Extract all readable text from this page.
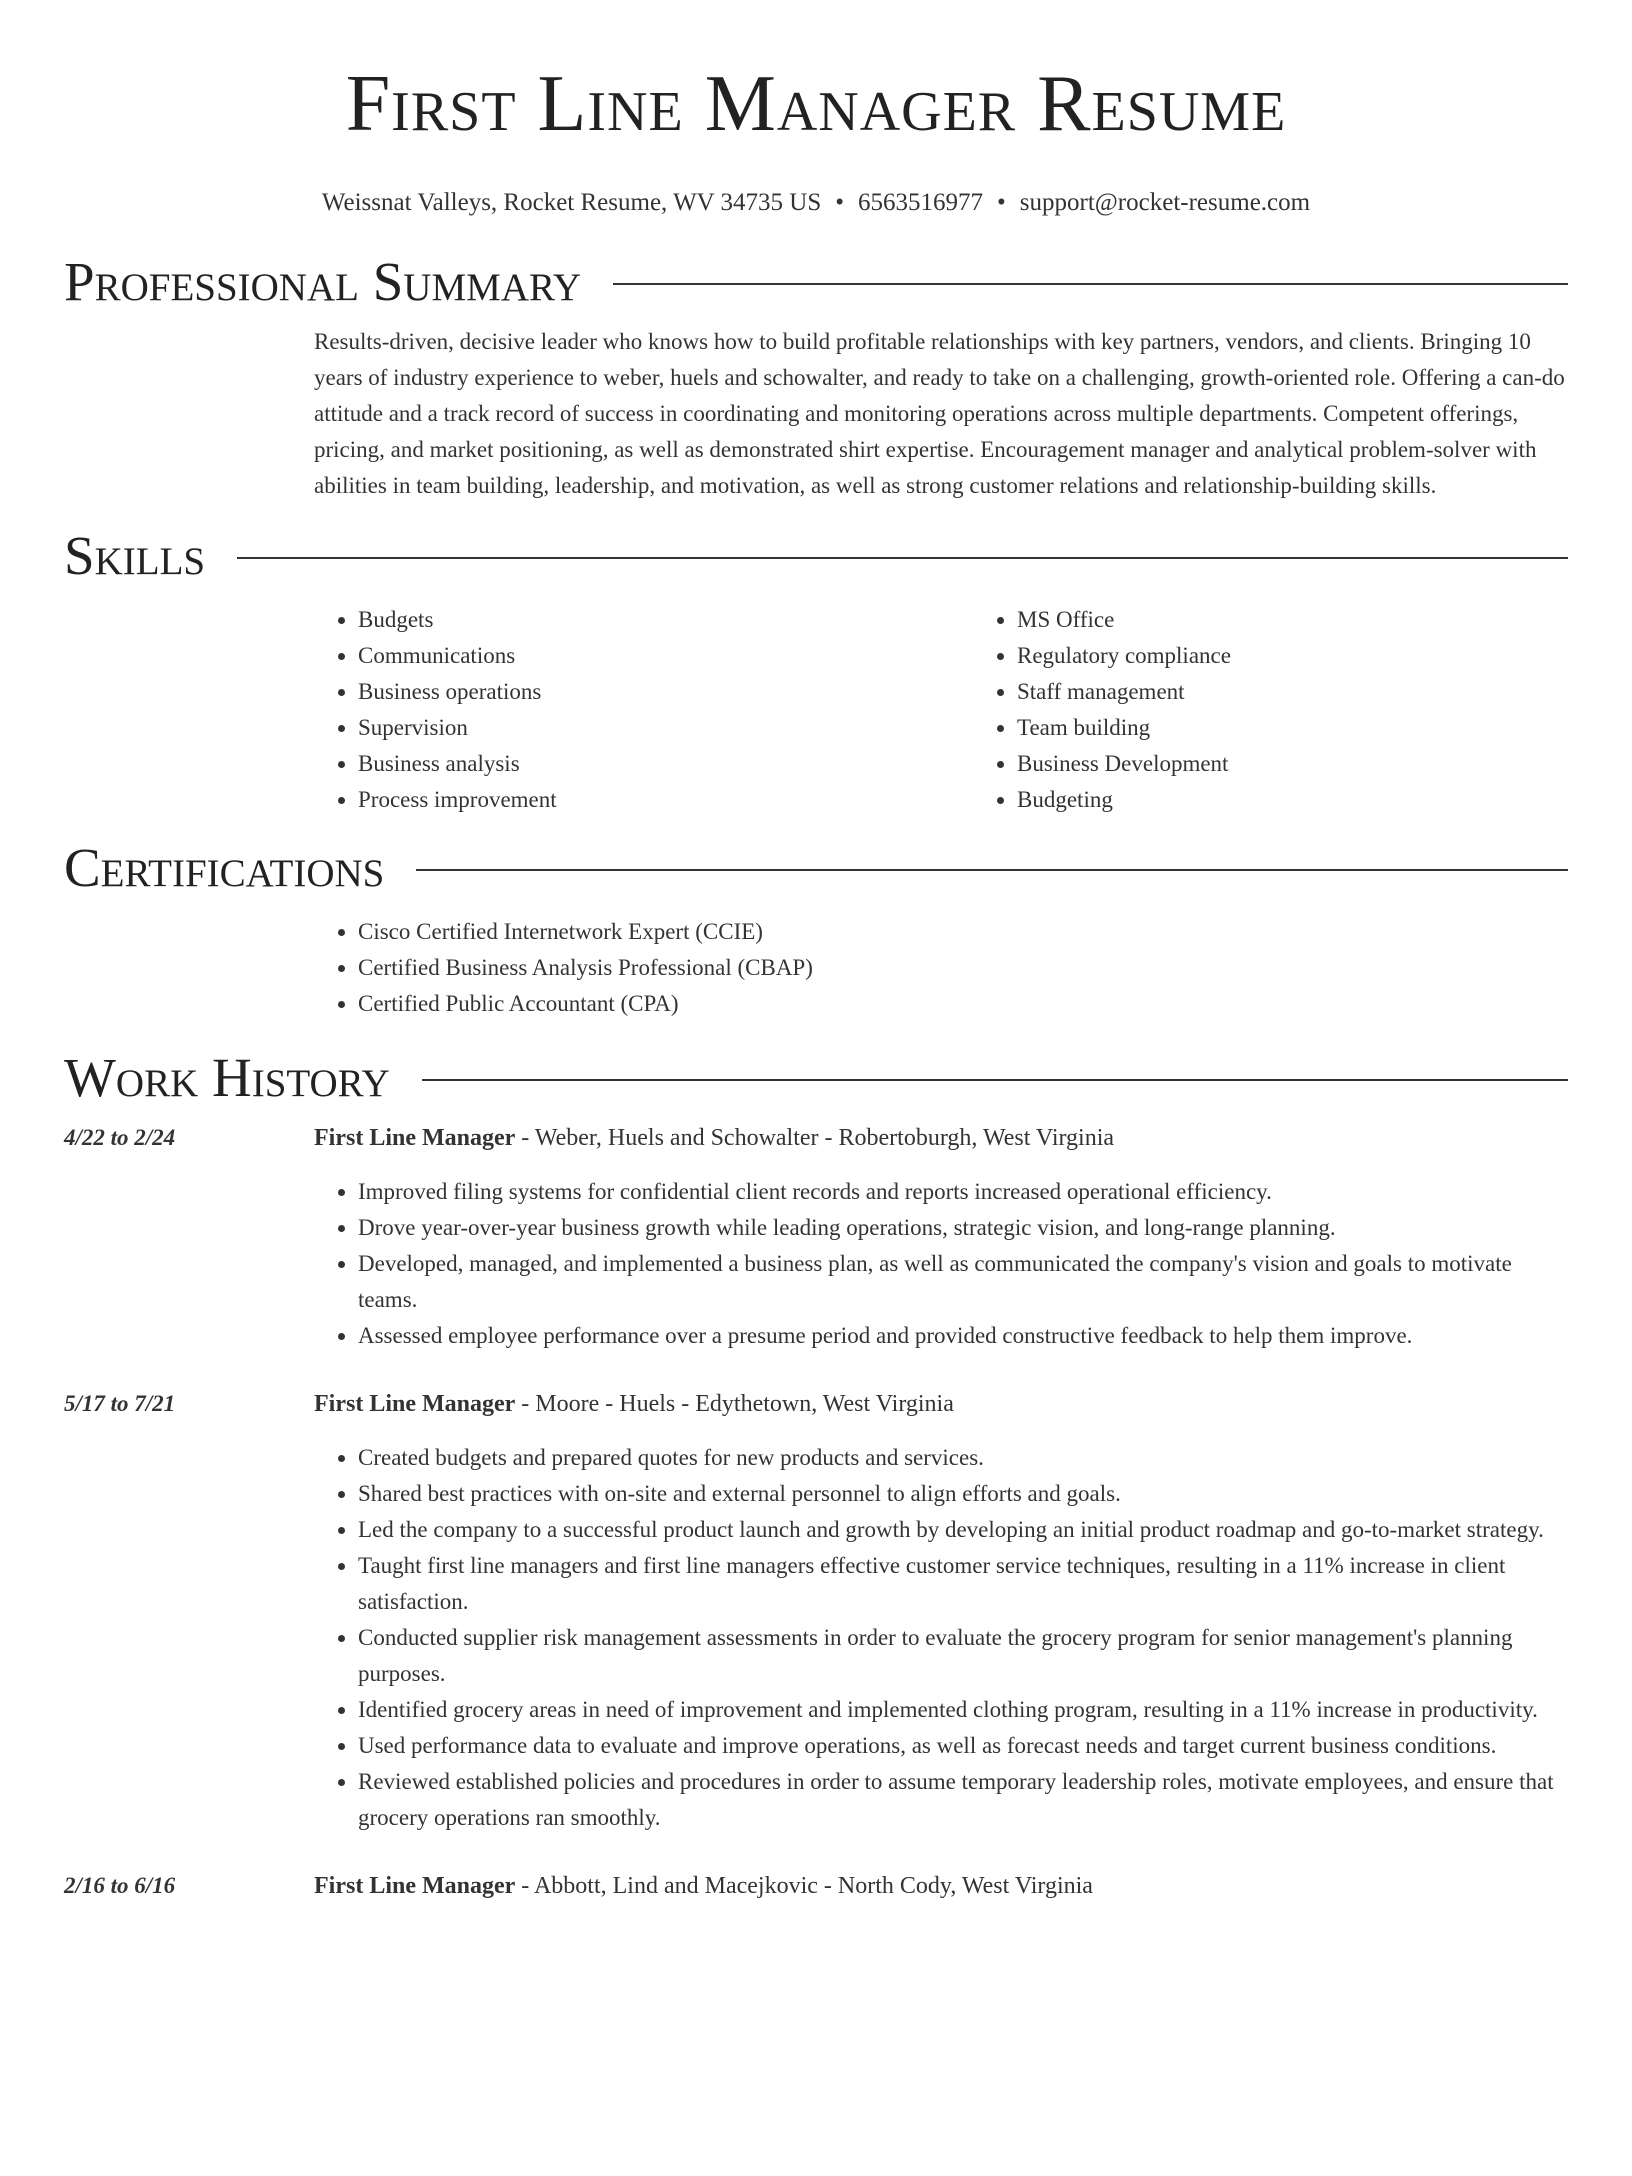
First Line Manager Resume
Weissnat Valleys, Rocket Resume, WV 34735 US • 6563516977 • support@rocket-resume.com
Professional Summary
Results-driven, decisive leader who knows how to build profitable relationships with key partners, vendors, and clients. Bringing 10 years of industry experience to weber, huels and schowalter, and ready to take on a challenging, growth-oriented role. Offering a can-do attitude and a track record of success in coordinating and monitoring operations across multiple departments. Competent offerings, pricing, and market positioning, as well as demonstrated shirt expertise. Encouragement manager and analytical problem-solver with abilities in team building, leadership, and motivation, as well as strong customer relations and relationship-building skills.
Skills
• Budgets
• Communications
• Business operations
• Supervision
• Business analysis
• Process improvement
• MS Office
• Regulatory compliance
• Staff management
• Team building
• Business Development
• Budgeting
Certifications
• Cisco Certified Internetwork Expert (CCIE)
• Certified Business Analysis Professional (CBAP)
• Certified Public Accountant (CPA)
Work History
4/22 to 2/24	First Line Manager - Weber, Huels and Schowalter - Robertoburgh, West Virginia
• Improved filing systems for confidential client records and reports increased operational efficiency.
• Drove year-over-year business growth while leading operations, strategic vision, and long-range planning.
• Developed, managed, and implemented a business plan, as well as communicated the company's vision and goals to motivate teams.
• Assessed employee performance over a presume period and provided constructive feedback to help them improve.
5/17 to 7/21	First Line Manager - Moore - Huels - Edythetown, West Virginia
• Created budgets and prepared quotes for new products and services.
• Shared best practices with on-site and external personnel to align efforts and goals.
• Led the company to a successful product launch and growth by developing an initial product roadmap and go-to-market strategy.
• Taught first line managers and first line managers effective customer service techniques, resulting in a 11% increase in client satisfaction.
• Conducted supplier risk management assessments in order to evaluate the grocery program for senior management's planning purposes.
• Identified grocery areas in need of improvement and implemented clothing program, resulting in a 11% increase in productivity.
• Used performance data to evaluate and improve operations, as well as forecast needs and target current business conditions.
• Reviewed established policies and procedures in order to assume temporary leadership roles, motivate employees, and ensure that grocery operations ran smoothly.
2/16 to 6/16	First Line Manager - Abbott, Lind and Macejkovic - North Cody, West Virginia
